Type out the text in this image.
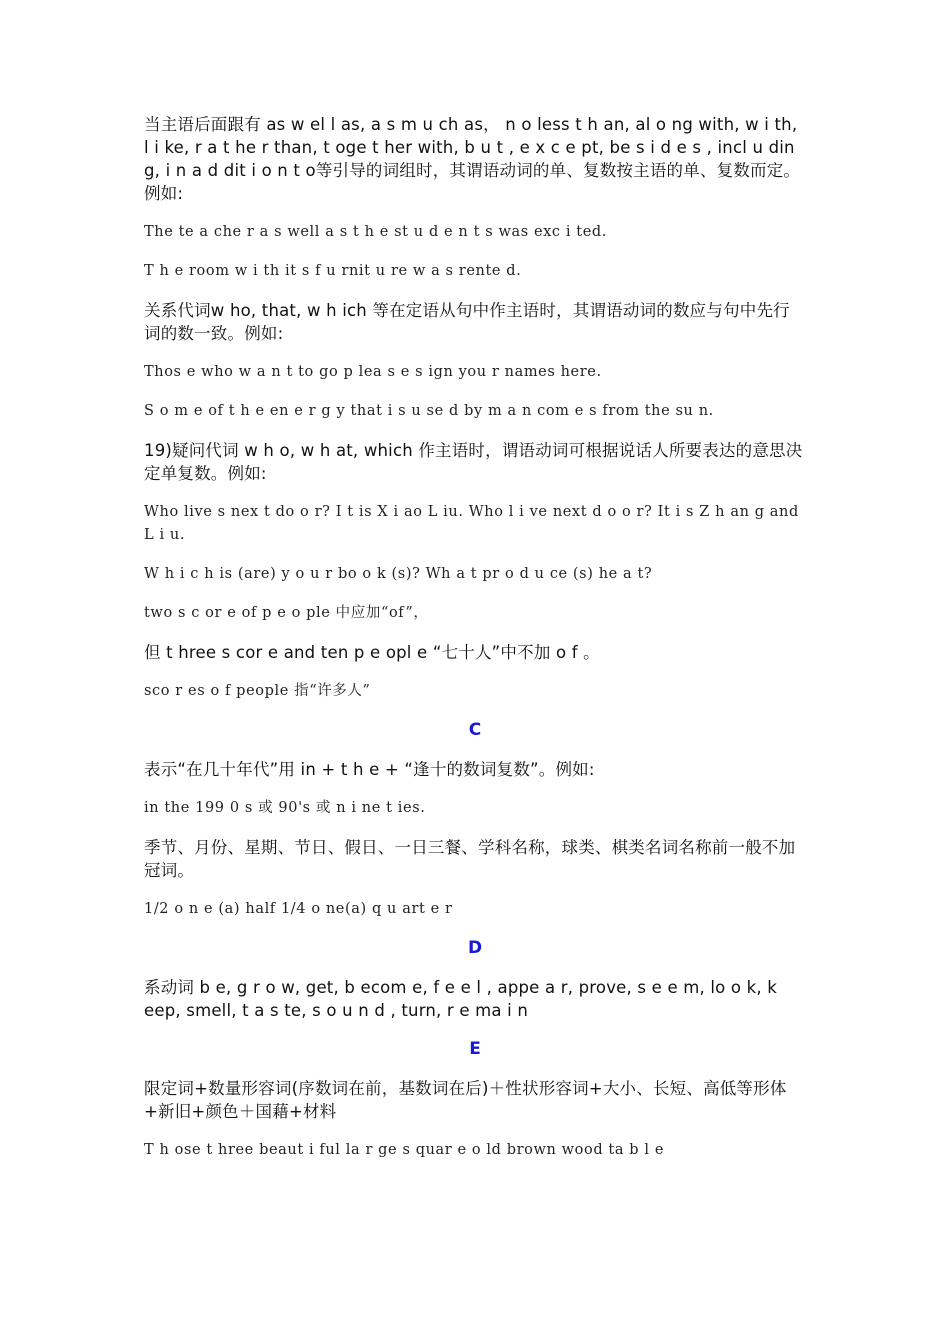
当主语后面跟有 as w el l as, a s m u ch as， n o less t h an, al o ng with, w i th, l i ke, r a t he r than, t oge t her with, b u t , e x c e pt, be s i d e s , incl u din g, i n a d dit i o n t o等引导的词组时，其谓语动词的单、复数按主语的单、复数而定。例如:

The te a che r a s well a s t h e st u d e n t s was exc i ted.

T h e room w i th it s f u rnit u re w a s rente d.

关系代词w ho, that, w h ich 等在定语从句中作主语时，其谓语动词的数应与句中先行词的数一致。例如:

Thos e who w a n t to go p lea s e s ign you r names here.

S o m e of t h e en e r g y that i s u se d by m a n com e s from the su n.

19)疑问代词 w h o, w h at, which 作主语时，谓语动词可根据说话人所要表达的意思决定单复数。例如:

Who live s nex t do o r? I t is X i ao L iu. Who l i ve next d o o r? It i s Z h an g and L i u.

W h i c h is (are) y o u r bo o k (s)? Wh a t pr o d u ce (s) he a t?

two s c or e of p e o ple 中应加“of”，

但 t hree s cor e and ten p e opl e “七十人”中不加 o f 。

sco r es o f people 指“许多人”

C

表示“在几十年代”用 in + t h e + “逢十的数词复数”。例如:

in the 199 0 s 或 90's 或 n i ne t ies.

季节、月份、星期、节日、假日、一日三餐、学科名称，球类、棋类名词名称前一般不加冠词。

1/2 o n e (a) half 1/4 o ne(a) q u art e r

D

系动词 b e, g r o w, get, b ecom e, f e e l , appe a r, prove, s e e m, lo o k, k eep, smell, t a s te, s o u n d , turn, r e ma i n

E

限定词+数量形容词(序数词在前，基数词在后)＋性状形容词+大小、长短、高低等形体+新旧+颜色＋国藉+材料

T h ose t hree beaut i ful la r ge s quar e o ld brown wood ta b l e
